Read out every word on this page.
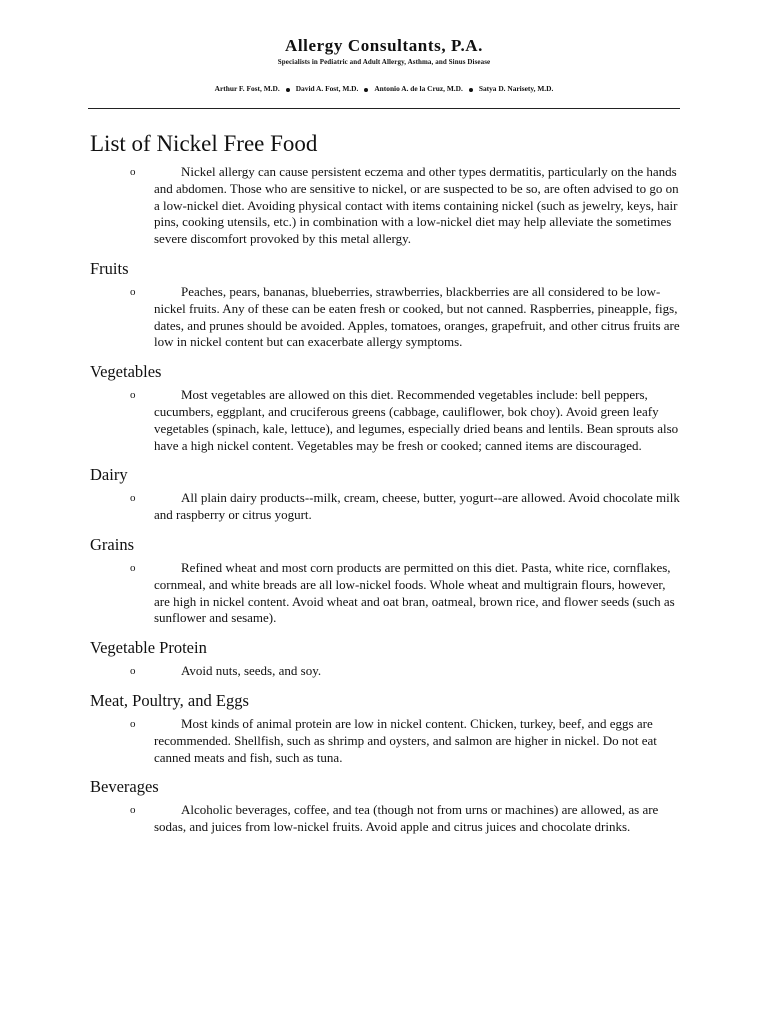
Allergy Consultants, P.A.
Specialists in Pediatric and Adult Allergy, Asthma, and Sinus Disease
Arthur F. Fost, M.D. David A. Fost, M.D. Antonio A. de la Cruz, M.D. Satya D. Narisety, M.D.
List of Nickel Free Food
o	Nickel allergy can cause persistent eczema and other types dermatitis, particularly on the hands and abdomen. Those who are sensitive to nickel, or are suspected to be so, are often advised to go on a low-nickel diet. Avoiding physical contact with items containing nickel (such as jewelry, keys, hair pins, cooking utensils, etc.) in combination with a low-nickel diet may help alleviate the sometimes severe discomfort provoked by this metal allergy.
Fruits
o	Peaches, pears, bananas, blueberries, strawberries, blackberries are all considered to be low-nickel fruits. Any of these can be eaten fresh or cooked, but not canned. Raspberries, pineapple, figs, dates, and prunes should be avoided. Apples, tomatoes, oranges, grapefruit, and other citrus fruits are low in nickel content but can exacerbate allergy symptoms.
Vegetables
o	Most vegetables are allowed on this diet. Recommended vegetables include: bell peppers, cucumbers, eggplant, and cruciferous greens (cabbage, cauliflower, bok choy). Avoid green leafy vegetables (spinach, kale, lettuce), and legumes, especially dried beans and lentils. Bean sprouts also have a high nickel content. Vegetables may be fresh or cooked; canned items are discouraged.
Dairy
o	All plain dairy products--milk, cream, cheese, butter, yogurt--are allowed. Avoid chocolate milk and raspberry or citrus yogurt.
Grains
o	Refined wheat and most corn products are permitted on this diet. Pasta, white rice, cornflakes, cornmeal, and white breads are all low-nickel foods. Whole wheat and multigrain flours, however, are high in nickel content. Avoid wheat and oat bran, oatmeal, brown rice, and flower seeds (such as sunflower and sesame).
Vegetable Protein
o	Avoid nuts, seeds, and soy.
Meat, Poultry, and Eggs
o	Most kinds of animal protein are low in nickel content. Chicken, turkey, beef, and eggs are recommended. Shellfish, such as shrimp and oysters, and salmon are higher in nickel. Do not eat canned meats and fish, such as tuna.
Beverages
o	Alcoholic beverages, coffee, and tea (though not from urns or machines) are allowed, as are sodas, and juices from low-nickel fruits. Avoid apple and citrus juices and chocolate drinks.
